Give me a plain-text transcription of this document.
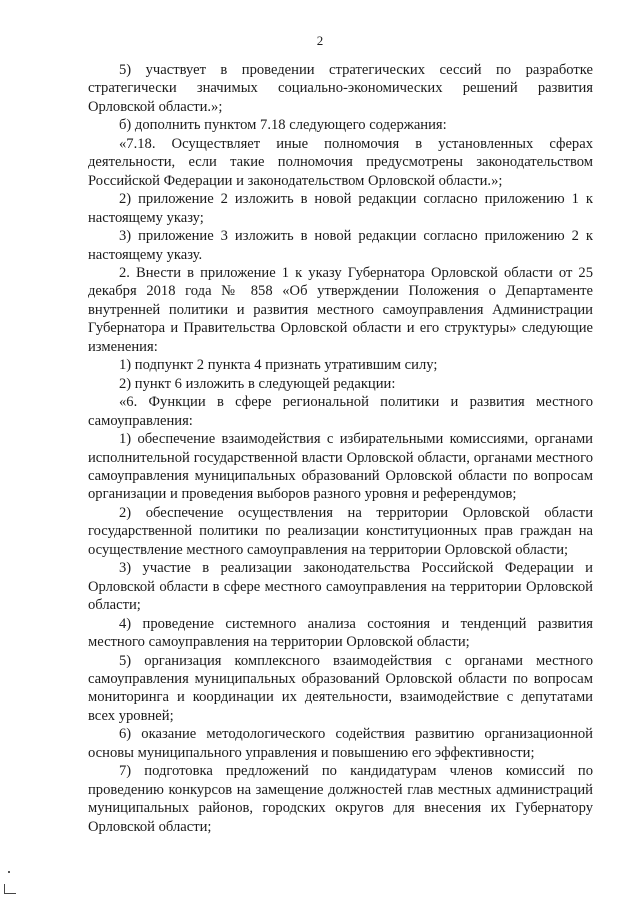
2

5) участвует в проведении стратегических сессий по разработке стратегически значимых социально-экономических решений развития Орловской области.»;

б) дополнить пунктом 7.18 следующего содержания:

«7.18. Осуществляет иные полномочия в установленных сферах деятельности, если такие полномочия предусмотрены законодательством Российской Федерации и законодательством Орловской области.»;

2) приложение 2 изложить в новой редакции согласно приложению 1 к настоящему указу;

3) приложение 3 изложить в новой редакции согласно приложению 2 к настоящему указу.

2. Внести в приложение 1 к указу Губернатора Орловской области от 25 декабря 2018 года № 858 «Об утверждении Положения о Департаменте внутренней политики и развития местного самоуправления Администрации Губернатора и Правительства Орловской области и его структуры» следующие изменения:

1) подпункт 2 пункта 4 признать утратившим силу;

2) пункт 6 изложить в следующей редакции:

«6. Функции в сфере региональной политики и развития местного самоуправления:

1) обеспечение взаимодействия с избирательными комиссиями, органами исполнительной государственной власти Орловской области, органами местного самоуправления муниципальных образований Орловской области по вопросам организации и проведения выборов разного уровня и референдумов;

2) обеспечение осуществления на территории Орловской области государственной политики по реализации конституционных прав граждан на осуществление местного самоуправления на территории Орловской области;

3) участие в реализации законодательства Российской Федерации и Орловской области в сфере местного самоуправления на территории Орловской области;

4) проведение системного анализа состояния и тенденций развития местного самоуправления на территории Орловской области;

5) организация комплексного взаимодействия с органами местного самоуправления муниципальных образований Орловской области по вопросам мониторинга и координации их деятельности, взаимодействие с депутатами всех уровней;

6) оказание методологического содействия развитию организационной основы муниципального управления и повышению его эффективности;

7) подготовка предложений по кандидатурам членов комиссий по проведению конкурсов на замещение должностей глав местных администраций муниципальных районов, городских округов для внесения их Губернатору Орловской области;
